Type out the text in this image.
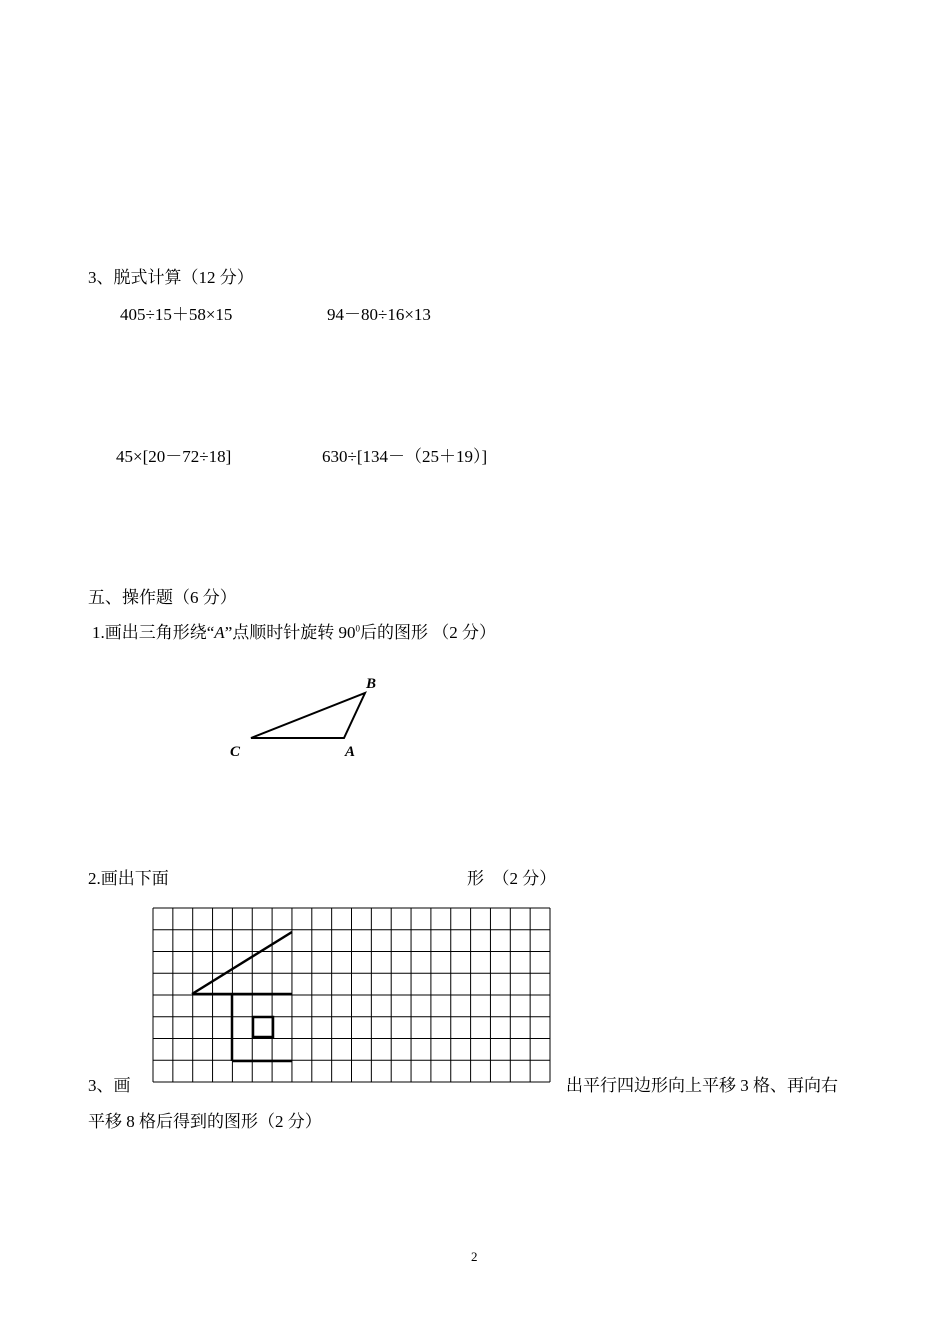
3、脱式计算（12 分）
405÷15＋58×15	94－80÷16×13
45×[20－72÷18]	630÷[134－（25＋19）]
五、操作题（6 分）
1.画出三角形绕“A”点顺时针旋转 $90^0$后的图形 （2 分）
B
C	A
2.画出下面	形　（2 分）
3、画	出平行四边形向上平移 3 格、再向右
平移 8 格后得到的图形（2 分）
2
